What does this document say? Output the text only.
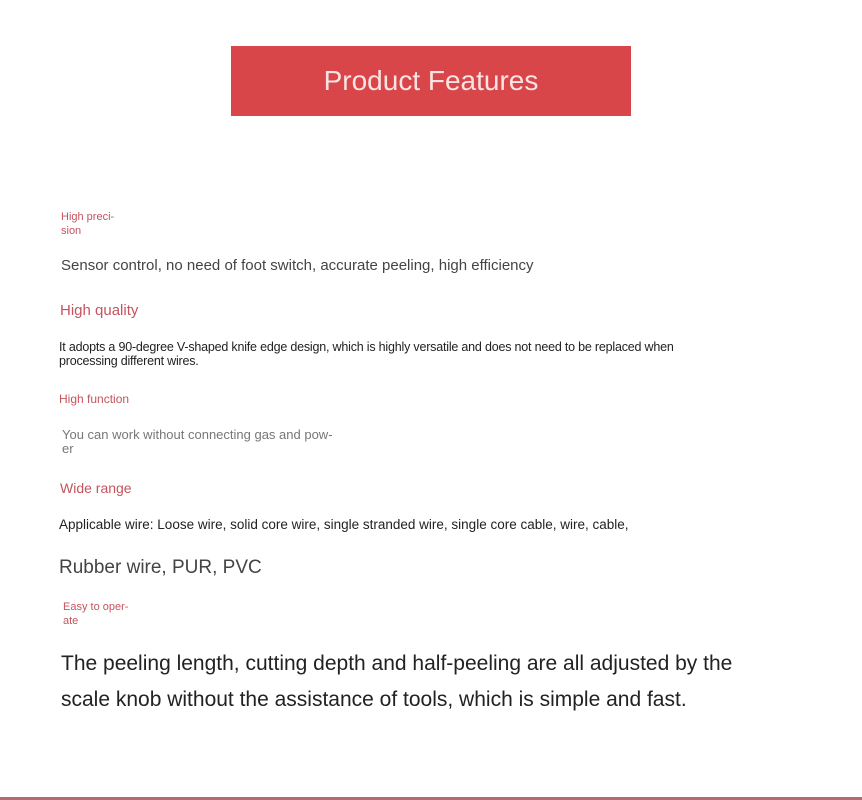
Product Features
High preci-
sion
Sensor control, no need of foot switch, accurate peeling, high efficiency
High quality
It adopts a 90-degree V-shaped knife edge design, which is highly versatile and does not need to be replaced when
processing different wires.
High function
You can work without connecting gas and pow-
er
Wide range
Applicable wire: Loose wire, solid core wire, single stranded wire, single core cable, wire, cable,
Rubber wire, PUR, PVC
Easy to oper-
ate
The peeling length, cutting depth and half-peeling are all adjusted by the
scale knob without the assistance of tools, which is simple and fast.
